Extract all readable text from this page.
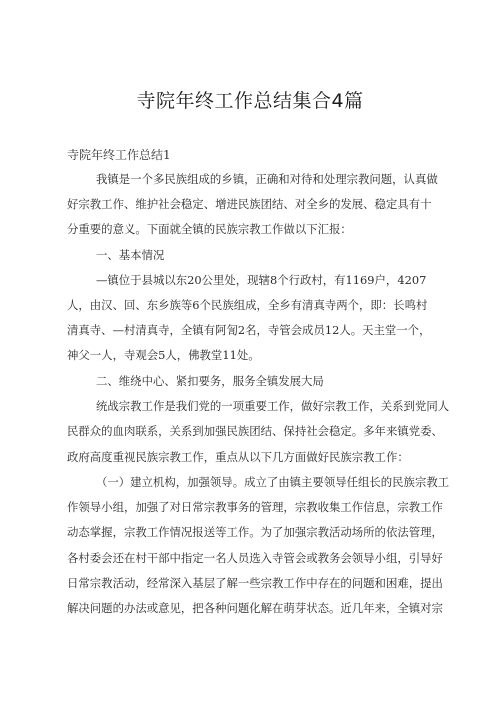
寺院年终工作总结集合4篇
寺院年终工作总结1
我镇是一个多民族组成的乡镇，正确和对待和处理宗教问题，认真做
好宗教工作、维护社会稳定、增进民族团结、对全乡的发展、稳定具有十
分重要的意义。下面就全镇的民族宗教工作做以下汇报：
一、基本情况
—镇位于县城以东20公里处，现辖8个行政村，有1169户，4207
人，由汉、回、东乡族等6个民族组成，全乡有清真寺两个，即：长鸣村
清真寺、—村清真寺，全镇有阿訇2名，寺管会成员12人。天主堂一个，
神父一人，寺观会5人，佛教堂11处。
二、维绕中心、紧扣要务，服务全镇发展大局
统战宗教工作是我们党的一项重要工作，做好宗教工作，关系到党同人
民群众的血肉联系，关系到加强民族团结、保持社会稳定。多年来镇党委、
政府高度重视民族宗教工作，重点从以下几方面做好民族宗教工作：
（一）建立机构，加强领导。成立了由镇主要领导任组长的民族宗教工
作领导小组，加强了对日常宗教事务的管理，宗教收集工作信息，宗教工作
动态掌握，宗教工作情况报送等工作。为了加强宗教活动场所的依法管理，
各村委会还在村干部中指定一名人员选入寺管会或教务会领导小组，引导好
日常宗教活动，经常深入基层了解一些宗教工作中存在的问题和困难，提出
解决问题的办法或意见，把各种问题化解在萌芽状态。近几年来，全镇对宗
